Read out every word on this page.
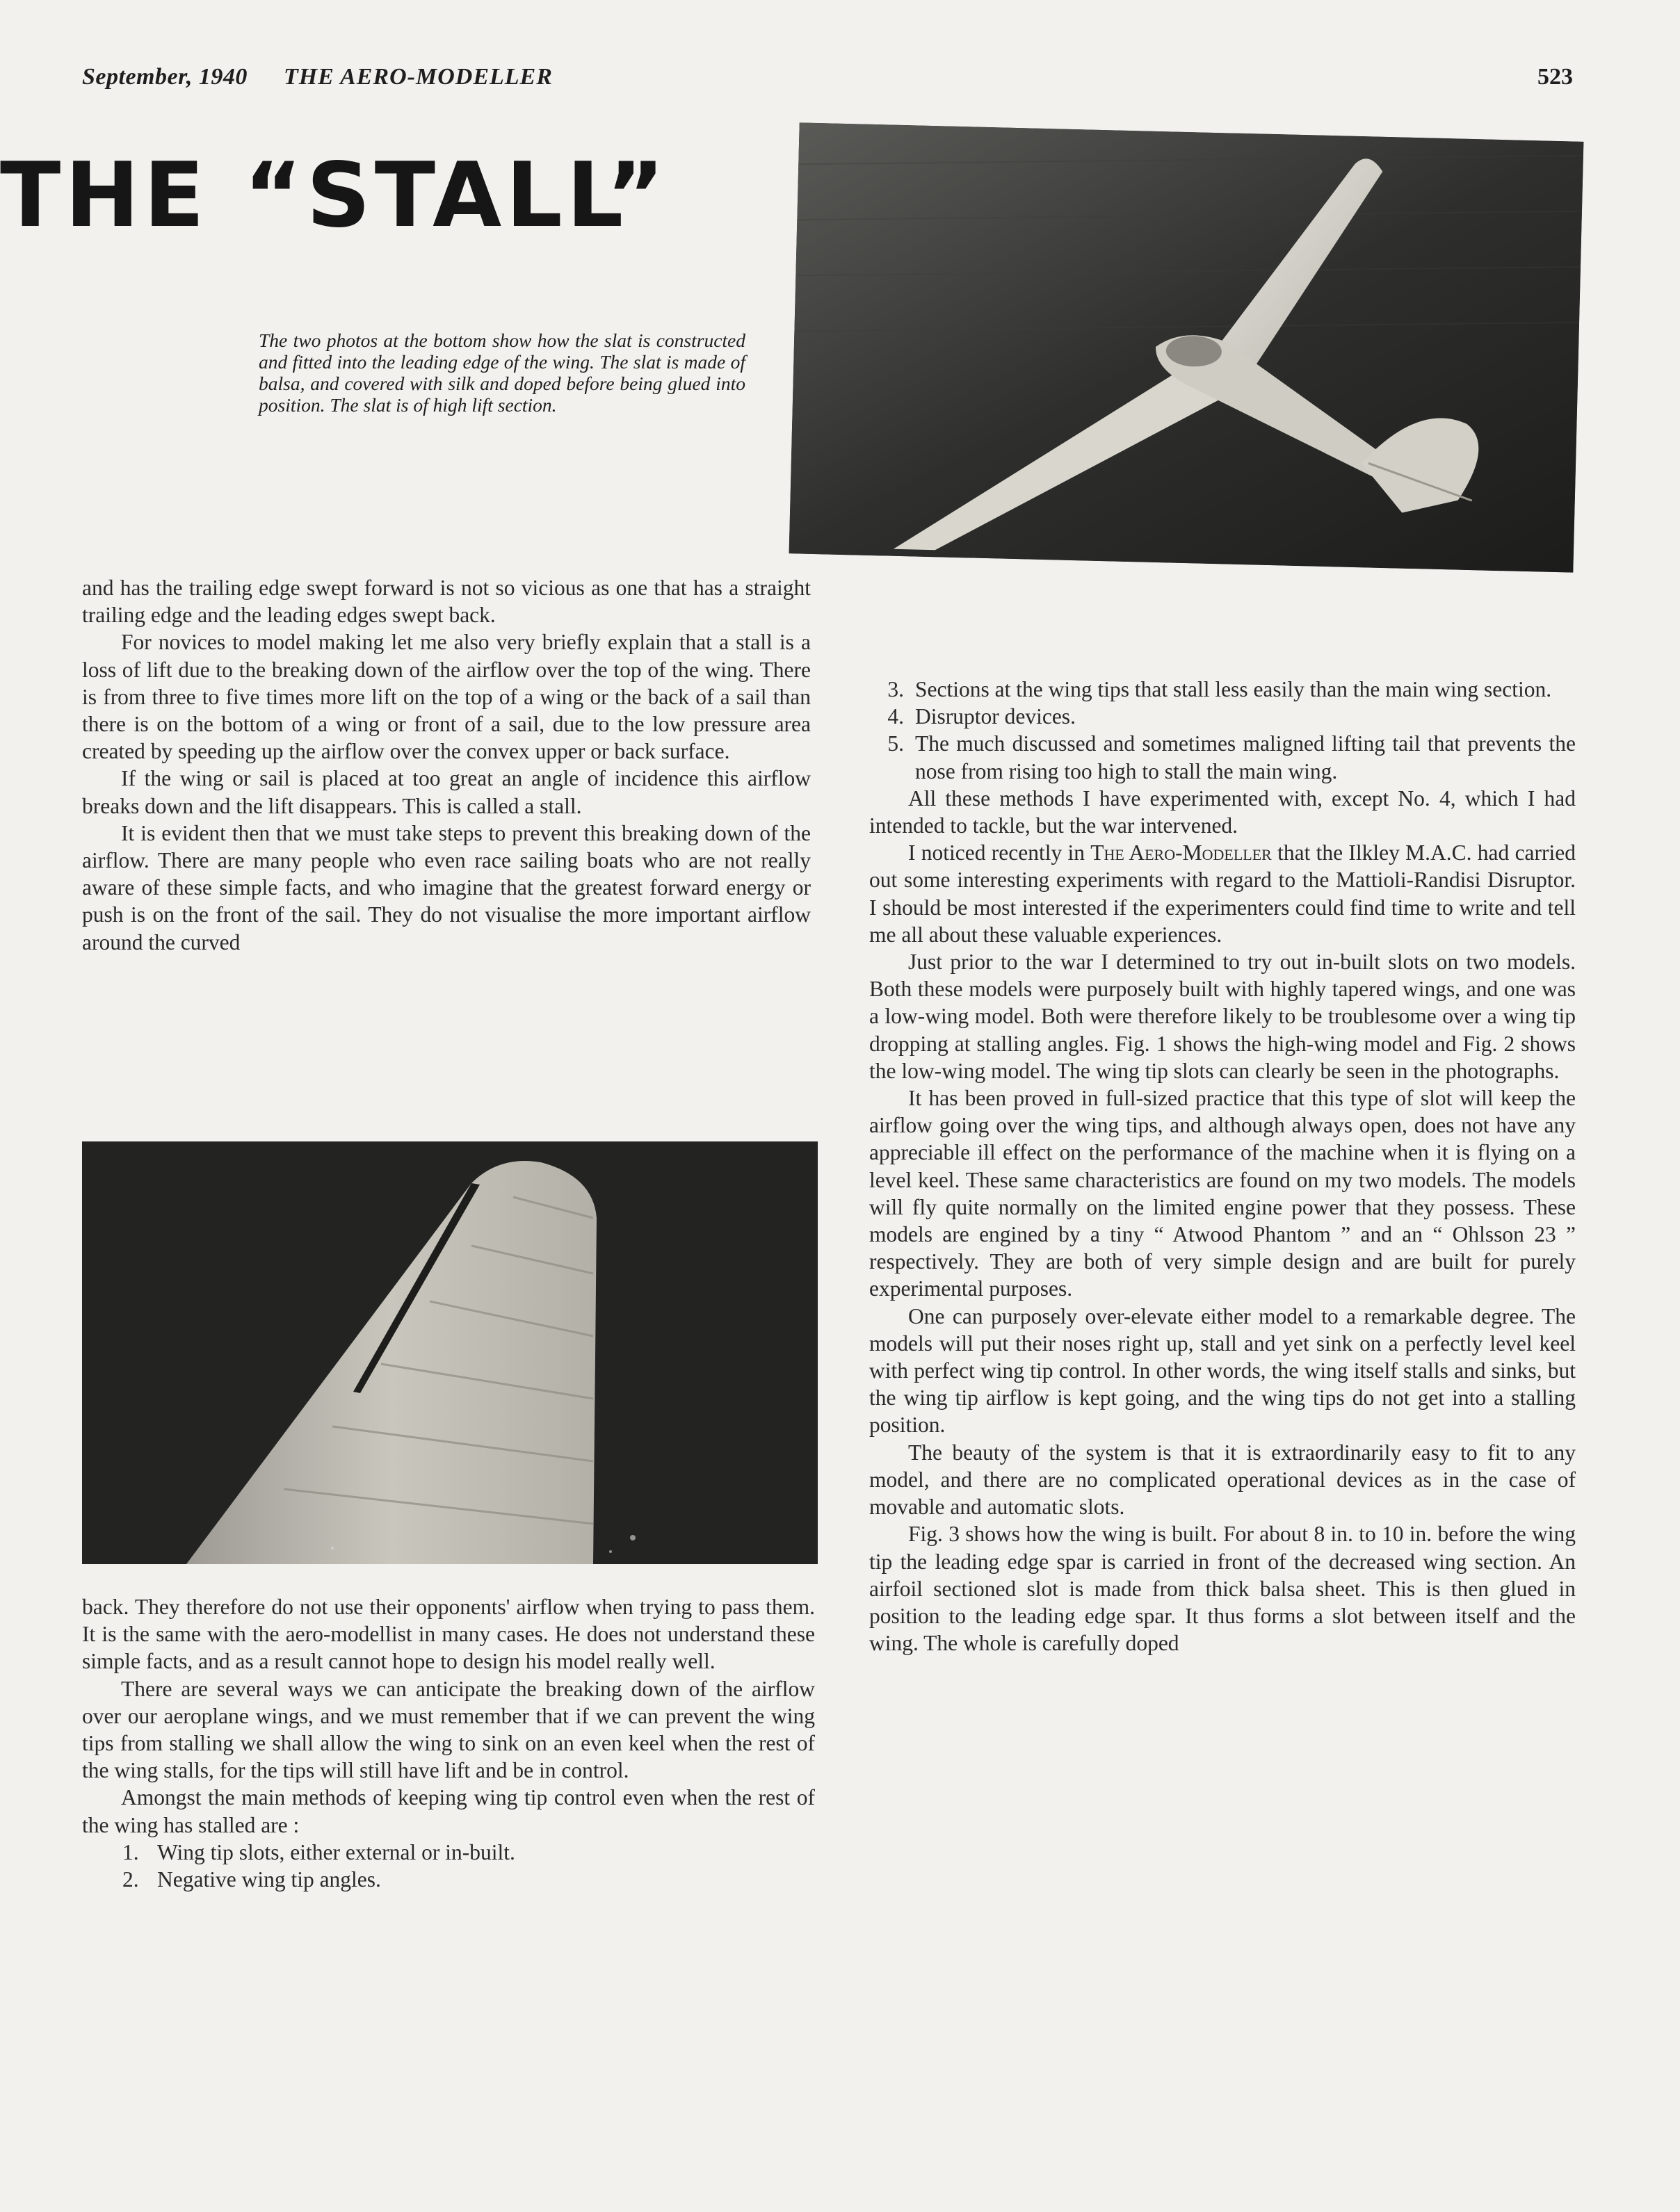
September, 1940 THE AERO-MODELLER	523
THE “STALL”

The two photos at the bottom show how the slat is constructed and fitted into the leading edge of the wing. The slat is made of balsa, and covered with silk and doped before being glued into position. The slat is of high lift section.

and has the trailing edge swept forward is not so vicious as one that has a straight trailing edge and the leading edges swept back.

For novices to model making let me also very briefly explain that a stall is a loss of lift due to the breaking down of the airflow over the top of the wing. There is from three to five times more lift on the top of a wing or the back of a sail than there is on the bottom of a wing or front of a sail, due to the low pressure area created by speeding up the airflow over the convex upper or back surface.

If the wing or sail is placed at too great an angle of incidence this airflow breaks down and the lift disappears. This is called a stall.

It is evident then that we must take steps to prevent this breaking down of the airflow. There are many people who even race sailing boats who are not really aware of these simple facts, and who imagine that the greatest forward energy or push is on the front of the sail. They do not visualise the more important airflow around the curved

back. They therefore do not use their opponents' airflow when trying to pass them. It is the same with the aero-modellist in many cases. He does not understand these simple facts, and as a result cannot hope to design his model really well.

There are several ways we can anticipate the breaking down of the airflow over our aeroplane wings, and we must remember that if we can prevent the wing tips from stalling we shall allow the wing to sink on an even keel when the rest of the wing stalls, for the tips will still have lift and be in control.

Amongst the main methods of keeping wing tip control even when the rest of the wing has stalled are :

1. Wing tip slots, either external or in-built.
2. Negative wing tip angles.
3. Sections at the wing tips that stall less easily than the main wing section.
4. Disruptor devices.
5. The much discussed and sometimes maligned lifting tail that prevents the nose from rising too high to stall the main wing.

All these methods I have experimented with, except No. 4, which I had intended to tackle, but the war intervened.

I noticed recently in The Aero-Modeller that the Ilkley M.A.C. had carried out some interesting experiments with regard to the Mattioli-Randisi Disruptor. I should be most interested if the experimenters could find time to write and tell me all about these valuable experiences.

Just prior to the war I determined to try out in-built slots on two models. Both these models were purposely built with highly tapered wings, and one was a low-wing model. Both were therefore likely to be troublesome over a wing tip dropping at stalling angles. Fig. 1 shows the high-wing model and Fig. 2 shows the low-wing model. The wing tip slots can clearly be seen in the photographs.

It has been proved in full-sized practice that this type of slot will keep the airflow going over the wing tips, and although always open, does not have any appreciable ill effect on the performance of the machine when it is flying on a level keel. These same characteristics are found on my two models. The models will fly quite normally on the limited engine power that they possess. These models are engined by a tiny “ Atwood Phantom ” and an “ Ohlsson 23 ” respectively. They are both of very simple design and are built for purely experimental purposes.

One can purposely over-elevate either model to a remarkable degree. The models will put their noses right up, stall and yet sink on a perfectly level keel with perfect wing tip control. In other words, the wing itself stalls and sinks, but the wing tip airflow is kept going, and the wing tips do not get into a stalling position.

The beauty of the system is that it is extraordinarily easy to fit to any model, and there are no complicated operational devices as in the case of movable and automatic slots.

Fig. 3 shows how the wing is built. For about 8 in. to 10 in. before the wing tip the leading edge spar is carried in front of the decreased wing section. An airfoil sectioned slot is made from thick balsa sheet. This is then glued in position to the leading edge spar. It thus forms a slot between itself and the wing. The whole is carefully doped
